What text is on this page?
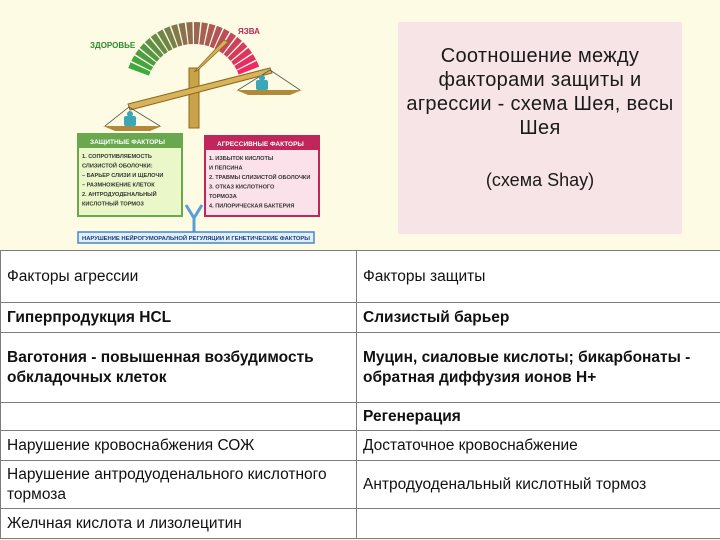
ЗДОРОВЬЕ
ЯЗВА
ЗАЩИТНЫЕ ФАКТОРЫ
1. СОПРОТИВЛЯЕМОСТЬ
СЛИЗИСТОЙ ОБОЛОЧКИ:
– БАРЬЕР СЛИЗИ И ЩЕЛОЧИ
– РАЗМНОЖЕНИЕ КЛЕТОК
2. АНТРОДУОДЕНАЛЬНЫЙ
КИСЛОТНЫЙ ТОРМОЗ
АГРЕССИВНЫЕ ФАКТОРЫ
1. ИЗБЫТОК КИСЛОТЫ
И ПЕПСИНА
2. ТРАВМЫ СЛИЗИСТОЙ ОБОЛОЧКИ
3. ОТКАЗ КИСЛОТНОГО
ТОРМОЗА
4. ПИЛОРИЧЕСКАЯ БАКТЕРИЯ
НАРУШЕНИЕ НЕЙРОГУМОРАЛЬНОЙ РЕГУЛЯЦИИ И ГЕНЕТИЧЕСКИЕ ФАКТОРЫ
Соотношение между факторами защиты и агрессии - схема Шея, весы Шея
(схема Shay)
Факторы агрессии	Факторы защиты
Гиперпродукция HCL	Слизистый барьер
Ваготония - повышенная возбудимость обкладочных клеток	Муцин, сиаловые кислоты; бикарбонаты - обратная диффузия ионов Н+
	Регенерация
Нарушение кровоснабжения СОЖ	Достаточное кровоснабжение
Нарушение антродуоденального кислотного тормоза	Антродуоденальный кислотный тормоз
Желчная кислота и лизолецитин	
